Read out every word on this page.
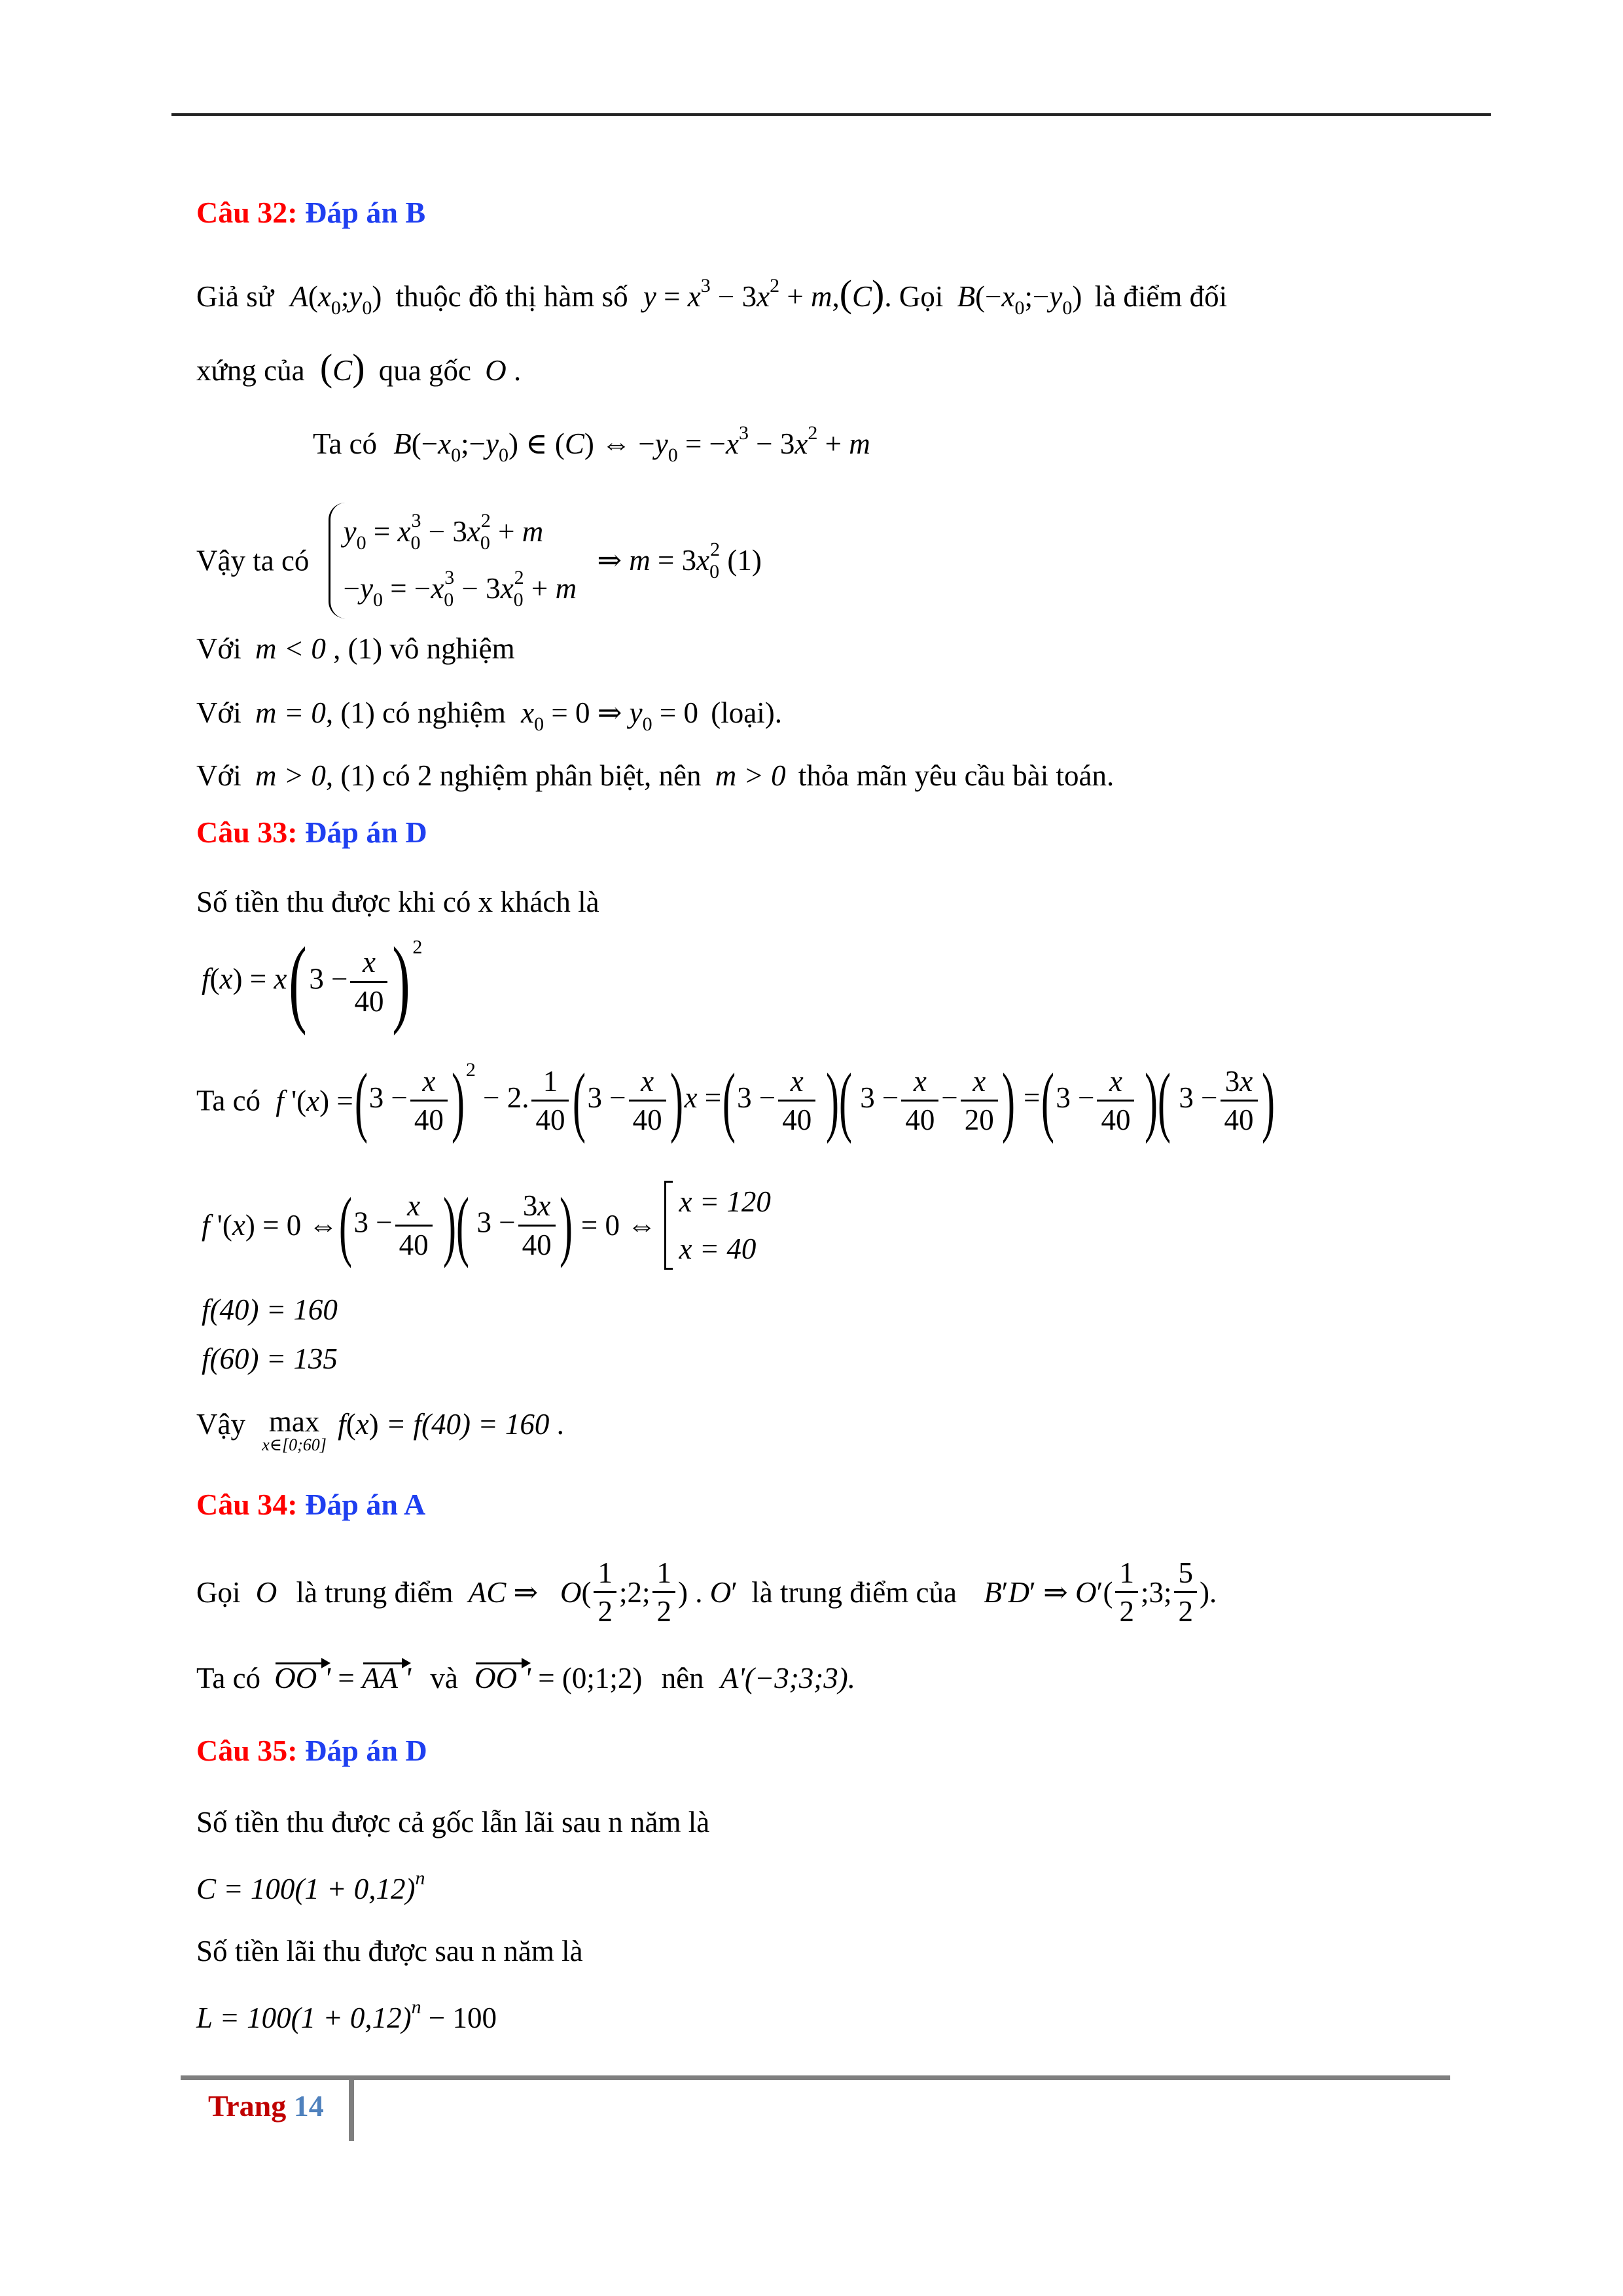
Câu 32: Đáp án B
Giả sử $A(x_0;y_0)$ thuộc đồ thị hàm số $y = x^3 - 3x^2 + m,(C)$. Gọi $B(-x_0;-y_0)$ là điểm đối
xứng của (C) qua gốc O .
Ta có $B(-x_0;-y_0)$ ∈ (C) ⇔ $-y_0 = -x^3 - 3x^2 + m$
Vậy ta có
$y_0 = x_0^3 - 3x_0^2 + m$
$-y_0 = -x_0^3 - 3x_0^2 + m$
⇒ $m = 3x_0^2$ (1)
Với m < 0 , (1) vô nghiệm
Với m = 0, (1) có nghiệm $x_0 = 0$ ⇒ $y_0 = 0$ (loại).
Với m > 0, (1) có 2 nghiệm phân biệt, nên m > 0 thỏa mãn yêu cầu bài toán.
Câu 33: Đáp án D
Số tiền thu được khi có x khách là
$f(x) = x(3 - \frac{x}{40}$ ) $^2$
Ta có f '$(x) =(3 - \frac{x}{40} )^2 - 2$. $\frac{1}{40} (3 - \frac{x}{40} )x =(3 - \frac{x}{40}$ )( $3 - \frac{x}{40} - \frac{x}{20}$ ) $=(3 - \frac{x}{40}$ )( $3 - \frac{3x}{40}$ )
f '(x) = 0 ⇔(3 − $\frac{x}{40}$ )( $3 - \frac{3x}{40}$ ) = 0 ⇔
x = 120
x = 40
f(40) = 160
f(60) = 135
Vậy max
x∈[0;60]
f(x) = f(40) = 160 .
Câu 34: Đáp án A
Gọi O là trung điểm AC ⇒   $O( \frac{1}{2}$ ;2; $\frac{1}{2}$ ) . O′ là trung điểm của B′D′ ⇒ $O'( \frac{1}{2}$ ;3; $\frac{5}{2}$ ).
Ta có OO ' = AA ' và OO ' = (0;1;2) nên A'(−3;3;3).
Câu 35: Đáp án D
Số tiền thu được cả gốc lẫn lãi sau n năm là
$C = 100(1 + 0,12)^n$
Số tiền lãi thu được sau n năm là
$L = 100(1 + 0,12)^n - 100$
Trang 14
